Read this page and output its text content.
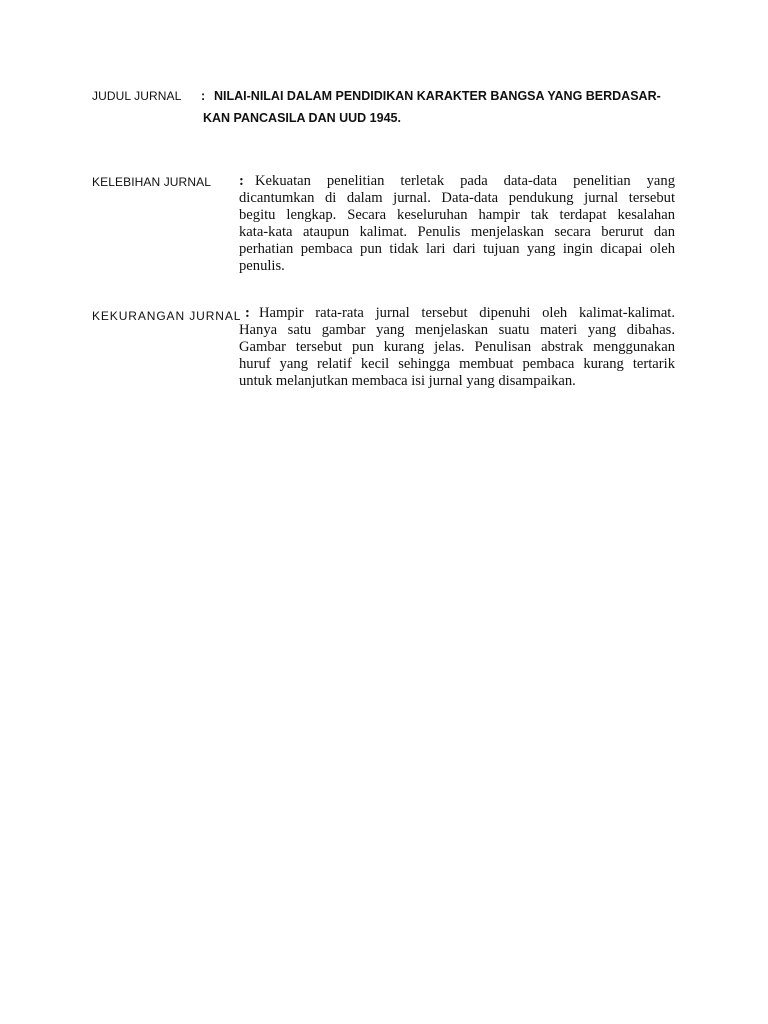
JUDUL JURNAL : NILAI-NILAI DALAM PENDIDIKAN KARAKTER BANGSA YANG BERDASAR-
KAN PANCASILA DAN UUD 1945.
KELEBIHAN JURNAL : Kekuatan penelitian terletak pada data-data penelitian yang
dicantumkan di dalam jurnal. Data-data pendukung jurnal tersebut
begitu lengkap. Secara keseluruhan hampir tak terdapat kesalahan
kata-kata ataupun kalimat. Penulis menjelaskan secara berurut dan
perhatian pembaca pun tidak lari dari tujuan yang ingin dicapai oleh
penulis.
KEKURANGAN JURNAL : Hampir rata-rata jurnal tersebut dipenuhi oleh kalimat-kalimat.
Hanya satu gambar yang menjelaskan suatu materi yang dibahas.
Gambar tersebut pun kurang jelas. Penulisan abstrak menggunakan
huruf yang relatif kecil sehingga membuat pembaca kurang tertarik
untuk melanjutkan membaca isi jurnal yang disampaikan.
